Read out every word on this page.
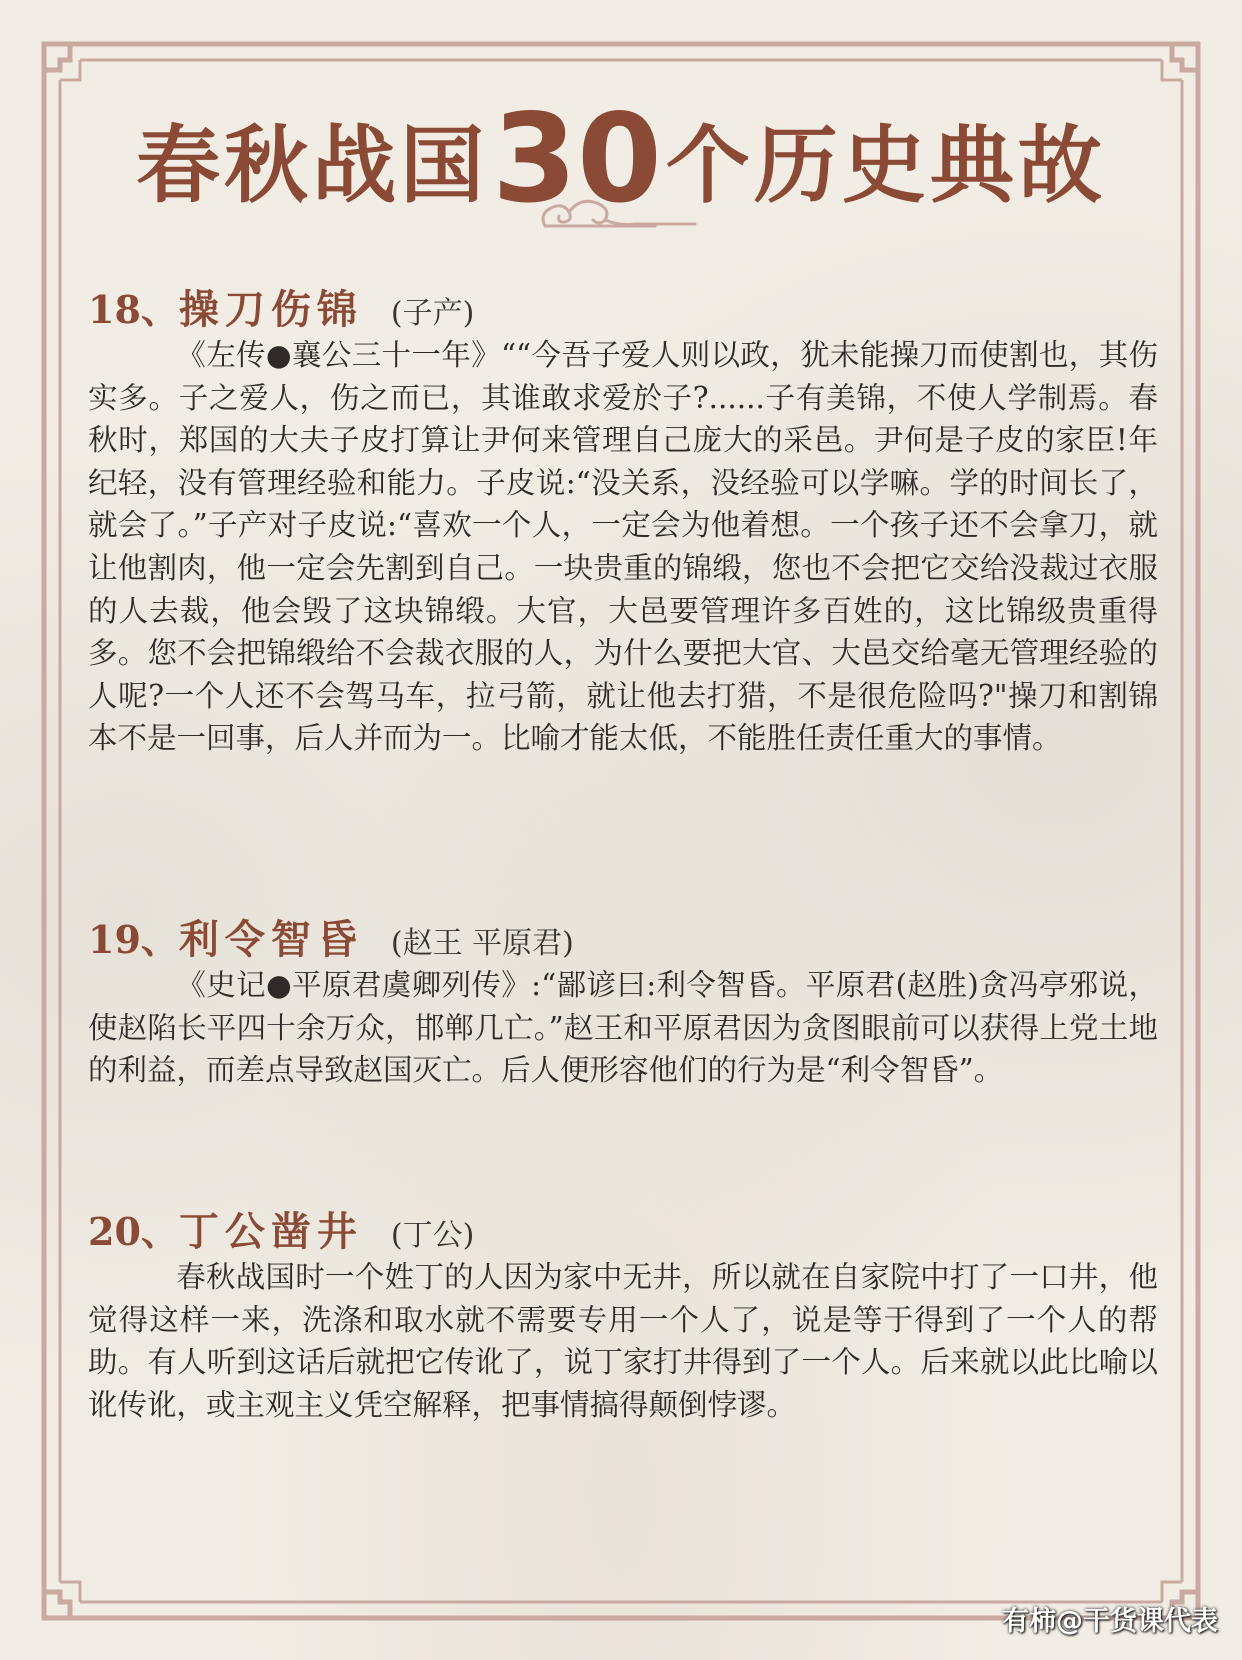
春秋战国30个历史典故
18、操刀伤锦 (子产)

《左传●襄公三十一年》““今吾子爱人则以政，犹未能操刀而使割也，其伤实多。子之爱人，伤之而已，其谁敢求爱於子?......子有美锦，不使人学制焉。春秋时，郑国的大夫子皮打算让尹何来管理自己庞大的采邑。尹何是子皮的家臣!年纪轻，没有管理经验和能力。子皮说:“没关系，没经验可以学嘛。学的时间长了，就会了。”子产对子皮说:“喜欢一个人，一定会为他着想。一个孩子还不会拿刀，就让他割肉，他一定会先割到自己。一块贵重的锦缎，您也不会把它交给没裁过衣服的人去裁，他会毁了这块锦缎。大官，大邑要管理许多百姓的，这比锦级贵重得多。您不会把锦缎给不会裁衣服的人，为什么要把大官、大邑交给毫无管理经验的人呢?一个人还不会驾马车，拉弓箭，就让他去打猎，不是很危险吗?"操刀和割锦本不是一回事，后人并而为一。比喻才能太低，不能胜任责任重大的事情。

19、利令智昏 (赵王 平原君)

《史记●平原君虞卿列传》:“鄙谚曰:利令智昏。平原君(赵胜)贪冯亭邪说，使赵陷长平四十余万众，邯郸几亡。”赵王和平原君因为贪图眼前可以获得上党土地的利益，而差点导致赵国灭亡。后人便形容他们的行为是“利令智昏”。

20、丁公凿井 (丁公)

春秋战国时一个姓丁的人因为家中无井，所以就在自家院中打了一口井，他觉得这样一来，洗涤和取水就不需要专用一个人了，说是等于得到了一个人的帮助。有人听到这话后就把它传讹了，说丁家打井得到了一个人。后来就以此比喻以讹传讹，或主观主义凭空解释，把事情搞得颠倒悖谬。

有柿@干货课代表
